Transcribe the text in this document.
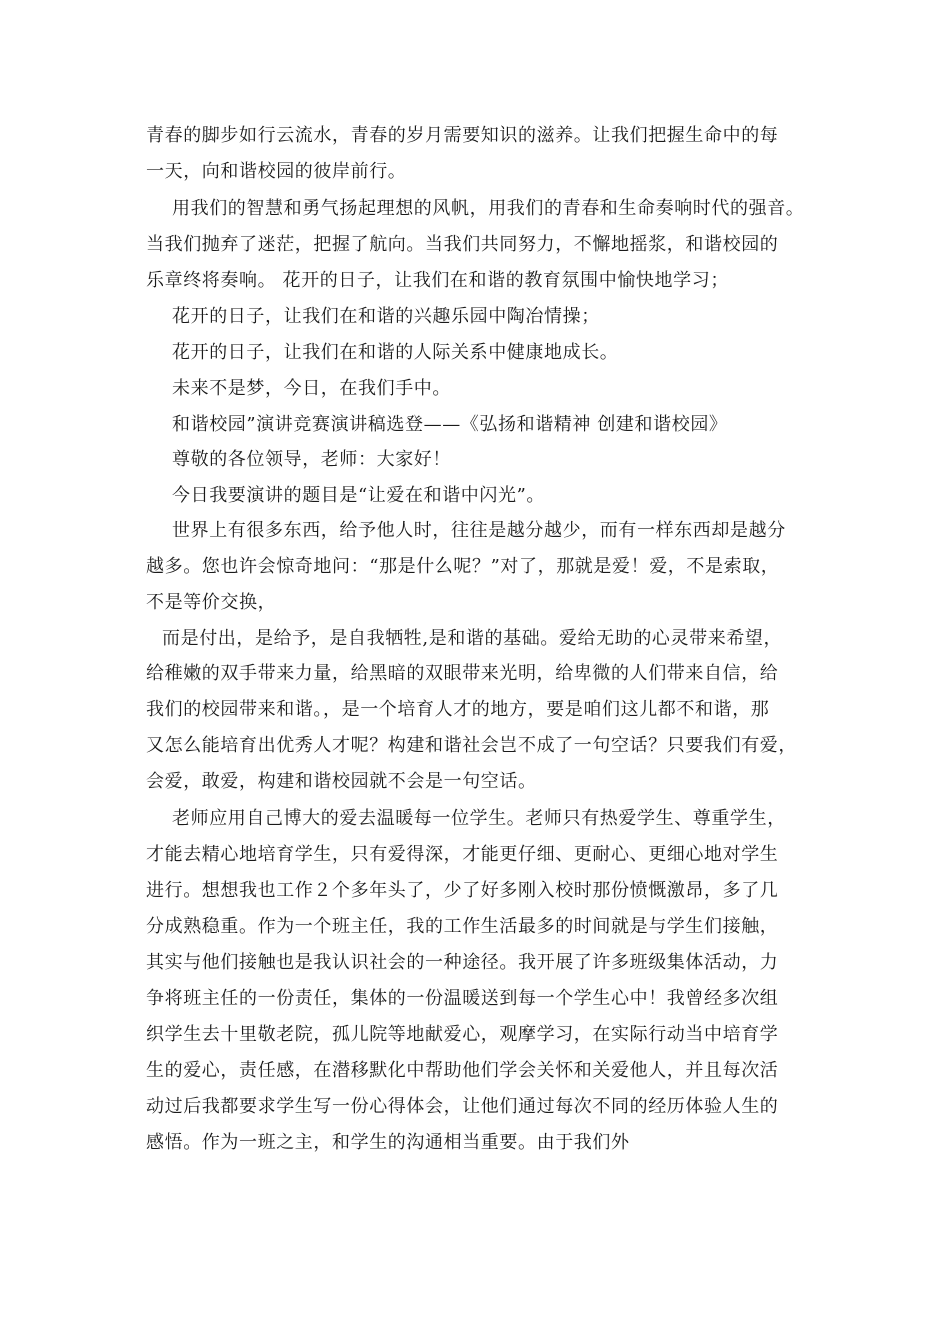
青春的脚步如行云流水，青春的岁月需要知识的滋养。让我们把握生命中的每
一天，向和谐校园的彼岸前行。
用我们的智慧和勇气扬起理想的风帆，用我们的青春和生命奏响时代的强音。
当我们抛弃了迷茫，把握了航向。当我们共同努力，不懈地摇浆，和谐校园的
乐章终将奏响。 花开的日子，让我们在和谐的教育氛围中愉快地学习；
花开的日子，让我们在和谐的兴趣乐园中陶冶情操；
花开的日子，让我们在和谐的人际关系中健康地成长。
未来不是梦，今日，在我们手中。
和谐校园”演讲竞赛演讲稿选登——《弘扬和谐精神 创建和谐校园》
尊敬的各位领导，老师：大家好！
今日我要演讲的题目是“让爱在和谐中闪光”。
世界上有很多东西，给予他人时，往往是越分越少，而有一样东西却是越分
越多。您也许会惊奇地问：“那是什么呢？”对了，那就是爱！爱，不是索取，
不是等价交换，
而是付出，是给予，是自我牺牲,是和谐的基础。爱给无助的心灵带来希望，
给稚嫩的双手带来力量，给黑暗的双眼带来光明，给卑微的人们带来自信，给
我们的校园带来和谐。，是一个培育人才的地方，要是咱们这儿都不和谐，那
又怎么能培育出优秀人才呢？构建和谐社会岂不成了一句空话？只要我们有爱，
会爱，敢爱，构建和谐校园就不会是一句空话。
老师应用自己博大的爱去温暖每一位学生。老师只有热爱学生、尊重学生，
才能去精心地培育学生，只有爱得深，才能更仔细、更耐心、更细心地对学生
进行。想想我也工作２个多年头了，少了好多刚入校时那份愤慨激昂，多了几
分成熟稳重。作为一个班主任，我的工作生活最多的时间就是与学生们接触，
其实与他们接触也是我认识社会的一种途径。我开展了许多班级集体活动，力
争将班主任的一份责任，集体的一份温暖送到每一个学生心中！我曾经多次组
织学生去十里敬老院，孤儿院等地献爱心，观摩学习，在实际行动当中培育学
生的爱心，责任感，在潜移默化中帮助他们学会关怀和关爱他人，并且每次活
动过后我都要求学生写一份心得体会，让他们通过每次不同的经历体验人生的
感悟。作为一班之主，和学生的沟通相当重要。由于我们外
